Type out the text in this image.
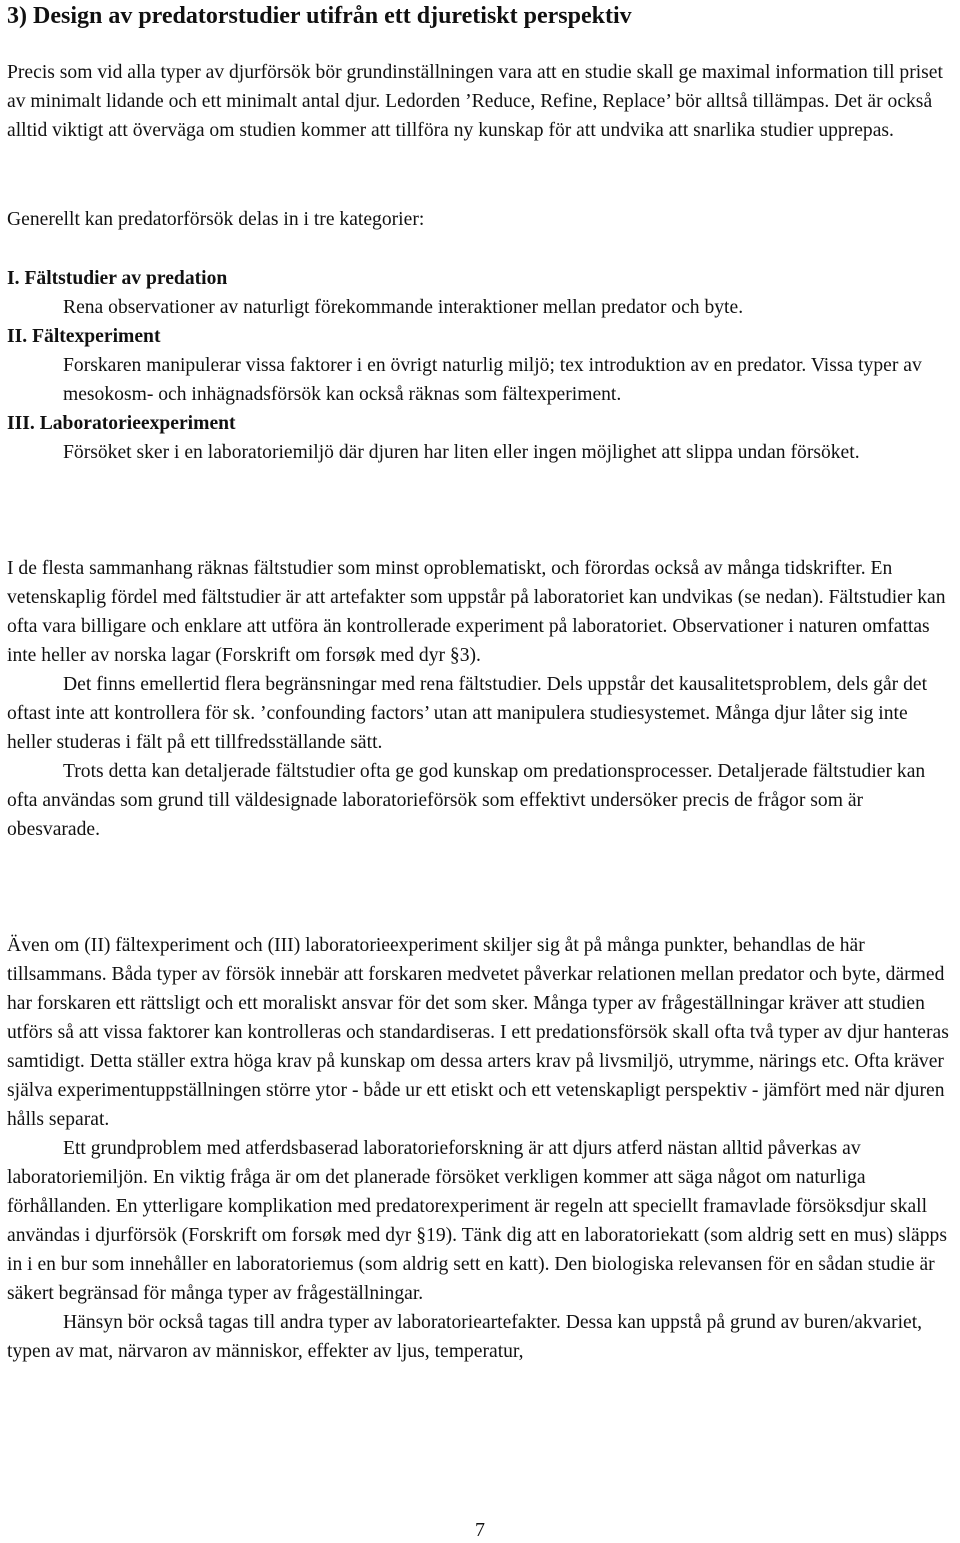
3) Design av predatorstudier utifrån ett djuretiskt perspektiv

Precis som vid alla typer av djurförsök bör grundinställningen vara att en studie skall ge maximal information till priset av minimalt lidande och ett minimalt antal djur. Ledorden ’Reduce, Refine, Replace’ bör alltså tillämpas. Det är också alltid viktigt att överväga om studien kommer att tillföra ny kunskap för att undvika att snarlika studier upprepas.

Generellt kan predatorförsök delas in i tre kategorier:

I. Fältstudier av predation
Rena observationer av naturligt förekommande interaktioner mellan predator och byte.
II. Fältexperiment
Forskaren manipulerar vissa faktorer i en övrigt naturlig miljö; tex introduktion av en predator. Vissa typer av mesokosm- och inhägnadsförsök kan också räknas som fältexperiment.
III. Laboratorieexperiment
Försöket sker i en laboratoriemiljö där djuren har liten eller ingen möjlighet att slippa undan försöket.

I de flesta sammanhang räknas fältstudier som minst oproblematiskt, och förordas också av många tidskrifter. En vetenskaplig fördel med fältstudier är att artefakter som uppstår på laboratoriet kan undvikas (se nedan). Fältstudier kan ofta vara billigare och enklare att utföra än kontrollerade experiment på laboratoriet. Observationer i naturen omfattas inte heller av norska lagar (Forskrift om forsøk med dyr §3).

Det finns emellertid flera begränsningar med rena fältstudier. Dels uppstår det kausalitetsproblem, dels går det oftast inte att kontrollera för sk. ’confounding factors’ utan att manipulera studiesystemet. Många djur låter sig inte heller studeras i fält på ett tillfredsställande sätt.

Trots detta kan detaljerade fältstudier ofta ge god kunskap om predationsprocesser. Detaljerade fältstudier kan ofta användas som grund till väldesignade laboratorieförsök som effektivt undersöker precis de frågor som är obesvarade.

Även om (II) fältexperiment och (III) laboratorieexperiment skiljer sig åt på många punkter, behandlas de här tillsammans. Båda typer av försök innebär att forskaren medvetet påverkar relationen mellan predator och byte, därmed har forskaren ett rättsligt och ett moraliskt ansvar för det som sker. Många typer av frågeställningar kräver att studien utförs så att vissa faktorer kan kontrolleras och standardiseras. I ett predationsförsök skall ofta två typer av djur hanteras samtidigt. Detta ställer extra höga krav på kunskap om dessa arters krav på livsmiljö, utrymme, närings etc. Ofta kräver själva experimentuppställningen större ytor - både ur ett etiskt och ett vetenskapligt perspektiv - jämfört med när djuren hålls separat.

Ett grundproblem med atferdsbaserad laboratorieforskning är att djurs atferd nästan alltid påverkas av laboratoriemiljön. En viktig fråga är om det planerade försöket verkligen kommer att säga något om naturliga förhållanden. En ytterligare komplikation med predatorexperiment är regeln att speciellt framavlade försöksdjur skall användas i djurförsök (Forskrift om forsøk med dyr §19). Tänk dig att en laboratoriekatt (som aldrig sett en mus) släpps in i en bur som innehåller en laboratoriemus (som aldrig sett en katt). Den biologiska relevansen för en sådan studie är säkert begränsad för många typer av frågeställningar.

Hänsyn bör också tagas till andra typer av laboratorieartefakter. Dessa kan uppstå på grund av buren/akvariet, typen av mat, närvaron av människor, effekter av ljus, temperatur,

7
